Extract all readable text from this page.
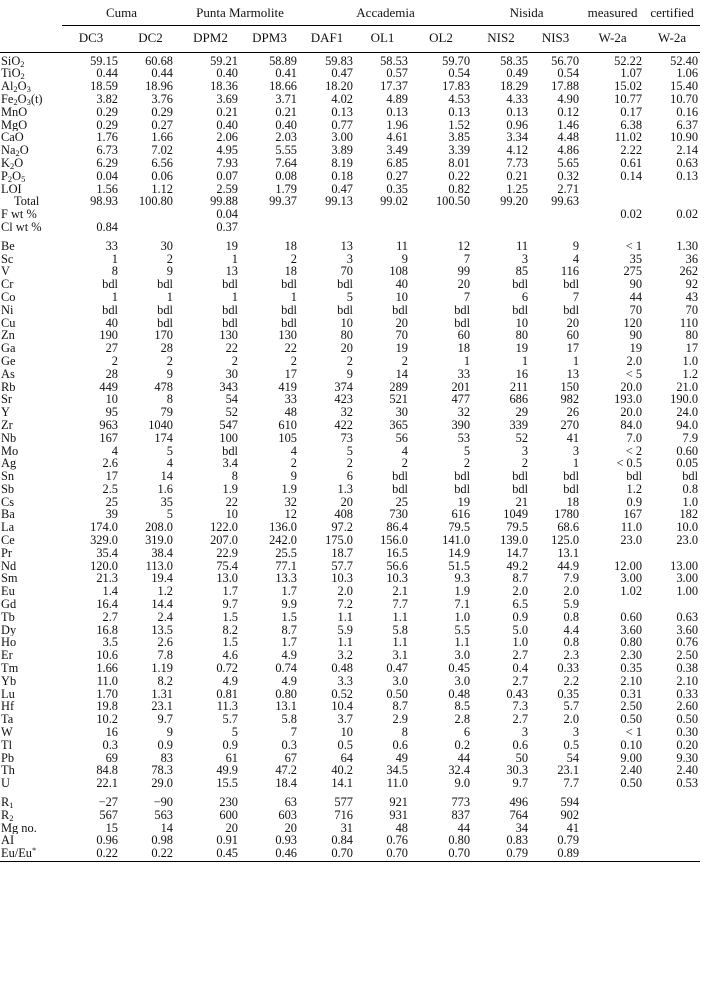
	Cuma		Punta Marmolite		Accademia			Nisida		measured	certified
	DC3	DC2	DPM2	DPM3	DAF1	OL1	OL2	NIS2	NIS3	W-2a	W-2a

SiO$_2$	59.15	60.68	59.21	58.89	59.83	58.53	59.70	58.35	56.70	52.22	52.40
TiO$_2$	0.44	0.44	0.40	0.41	0.47	0.57	0.54	0.49	0.54	1.07	1.06
$Al_2O_3$	18.59	18.96	18.36	18.66	18.20	17.37	17.83	18.29	17.88	15.02	15.40
$Fe_2O_3(t)$	3.82	3.76	3.69	3.71	4.02	4.89	4.53	4.33	4.90	10.77	10.70
MnO	0.29	0.29	0.21	0.21	0.13	0.13	0.13	0.13	0.12	0.17	0.16
MgO	0.29	0.27	0.40	0.40	0.77	1.96	1.52	0.96	1.46	6.38	6.37
CaO	1.76	1.66	2.06	2.03	3.00	4.61	3.85	3.34	4.48	11.02	10.90
$Na_2O$	6.73	7.02	4.95	5.55	3.89	3.49	3.39	4.12	4.86	2.22	2.14
$K_2O$	6.29	6.56	7.93	7.64	8.19	6.85	8.01	7.73	5.65	0.61	0.63
$P_2O_5$	0.04	0.06	0.07	0.08	0.18	0.27	0.22	0.21	0.32	0.14	0.13
LOI	1.56	1.12	2.59	1.79	0.47	0.35	0.82	1.25	2.71		
Total	98.93	100.80	99.88	99.37	99.13	99.02	100.50	99.20	99.63		
F wt %			0.04							0.02	0.02
Cl wt %	0.84		0.37								

Be	33	30	19	18	13	11	12	11	9	< 1	1.30
Sc	1	2	1	2	3	9	7	3	4	35	36
V	8	9	13	18	70	108	99	85	116	275	262
Cr	bdl	bdl	bdl	bdl	bdl	40	20	bdl	bdl	90	92
Co	1	1	1	1	5	10	7	6	7	44	43
Ni	bdl	bdl	bdl	bdl	bdl	bdl	bdl	bdl	bdl	70	70
Cu	40	bdl	bdl	bdl	10	20	bdl	10	20	120	110
Zn	190	170	130	130	80	70	60	80	60	90	80
Ga	27	28	22	22	20	19	18	19	17	19	17
Ge	2	2	2	2	2	2	1	1	1	2.0	1.0
As	28	9	30	17	9	14	33	16	13	< 5	1.2
Rb	449	478	343	419	374	289	201	211	150	20.0	21.0
Sr	10	8	54	33	423	521	477	686	982	193.0	190.0
Y	95	79	52	48	32	30	32	29	26	20.0	24.0
Zr	963	1040	547	610	422	365	390	339	270	84.0	94.0
Nb	167	174	100	105	73	56	53	52	41	7.0	7.9
Mo	4	5	bdl	4	5	4	5	3	3	< 2	0.60
Ag	2.6	4	3.4	2	2	2	2	2	1	< 0.5	0.05
Sn	17	14	8	9	6	bdl	bdl	bdl	bdl	bdl	bdl
Sb	2.5	1.6	1.9	1.9	1.3	bdl	bdl	bdl	bdl	1.2	0.8
Cs	25	35	22	32	20	25	19	21	18	0.9	1.0
Ba	39	5	10	12	408	730	616	1049	1780	167	182
La	174.0	208.0	122.0	136.0	97.2	86.4	79.5	79.5	68.6	11.0	10.0
Ce	329.0	319.0	207.0	242.0	175.0	156.0	141.0	139.0	125.0	23.0	23.0
Pr	35.4	38.4	22.9	25.5	18.7	16.5	14.9	14.7	13.1		
Nd	120.0	113.0	75.4	77.1	57.7	56.6	51.5	49.2	44.9	12.00	13.00
Sm	21.3	19.4	13.0	13.3	10.3	10.3	9.3	8.7	7.9	3.00	3.00
Eu	1.4	1.2	1.7	1.7	2.0	2.1	1.9	2.0	2.0	1.02	1.00
Gd	16.4	14.4	9.7	9.9	7.2	7.7	7.1	6.5	5.9		
Tb	2.7	2.4	1.5	1.5	1.1	1.1	1.0	0.9	0.8	0.60	0.63
Dy	16.8	13.5	8.2	8.7	5.9	5.8	5.5	5.0	4.4	3.60	3.60
Ho	3.5	2.6	1.5	1.7	1.1	1.1	1.1	1.0	0.8	0.80	0.76
Er	10.6	7.8	4.6	4.9	3.2	3.1	3.0	2.7	2.3	2.30	2.50
Tm	1.66	1.19	0.72	0.74	0.48	0.47	0.45	0.4	0.33	0.35	0.38
Yb	11.0	8.2	4.9	4.9	3.3	3.0	3.0	2.7	2.2	2.10	2.10
Lu	1.70	1.31	0.81	0.80	0.52	0.50	0.48	0.43	0.35	0.31	0.33
Hf	19.8	23.1	11.3	13.1	10.4	8.7	8.5	7.3	5.7	2.50	2.60
Ta	10.2	9.7	5.7	5.8	3.7	2.9	2.8	2.7	2.0	0.50	0.50
W	16	9	5	7	10	8	6	3	3	< 1	0.30
Tl	0.3	0.9	0.9	0.3	0.5	0.6	0.2	0.6	0.5	0.10	0.20
Pb	69	83	61	67	64	49	44	50	54	9.00	9.30
Th	84.8	78.3	49.9	47.2	40.2	34.5	32.4	30.3	23.1	2.40	2.40
U	22.1	29.0	15.5	18.4	14.1	11.0	9.0	9.7	7.7	0.50	0.53

$R_1$	−27	−90	230	63	577	921	773	496	594		
$R_2$	567	563	600	603	716	931	837	764	902		
Mg no.	15	14	20	20	31	48	44	34	41		
AI	0.96	0.98	0.91	0.93	0.84	0.76	0.80	0.83	0.79		
Eu/Eu*	0.22	0.22	0.45	0.46	0.70	0.70	0.70	0.79	0.89		
